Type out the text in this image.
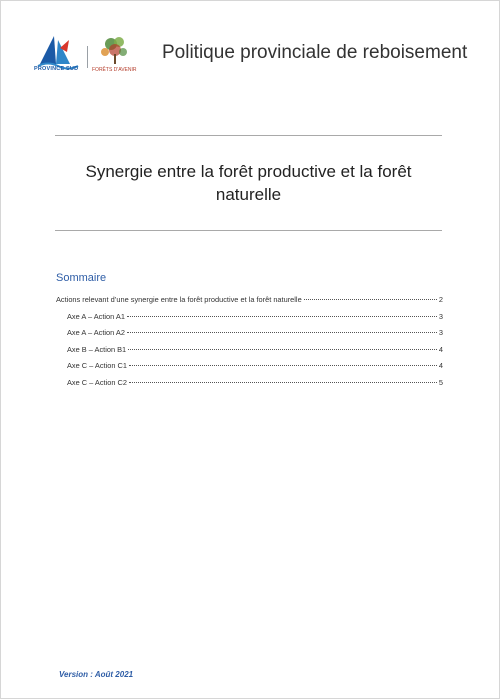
PROVINCE SUD	FORÊTS D'AVENIR
Politique provinciale de reboisement
Synergie entre la forêt productive et la forêt
naturelle
Sommaire
Actions relevant d’une synergie entre la forêt productive et la forêt naturelle	2
Axe A – Action A1	3
Axe A – Action A2	3
Axe B – Action B1	4
Axe C – Action C1	4
Axe C – Action C2	5
Version : Août 2021
